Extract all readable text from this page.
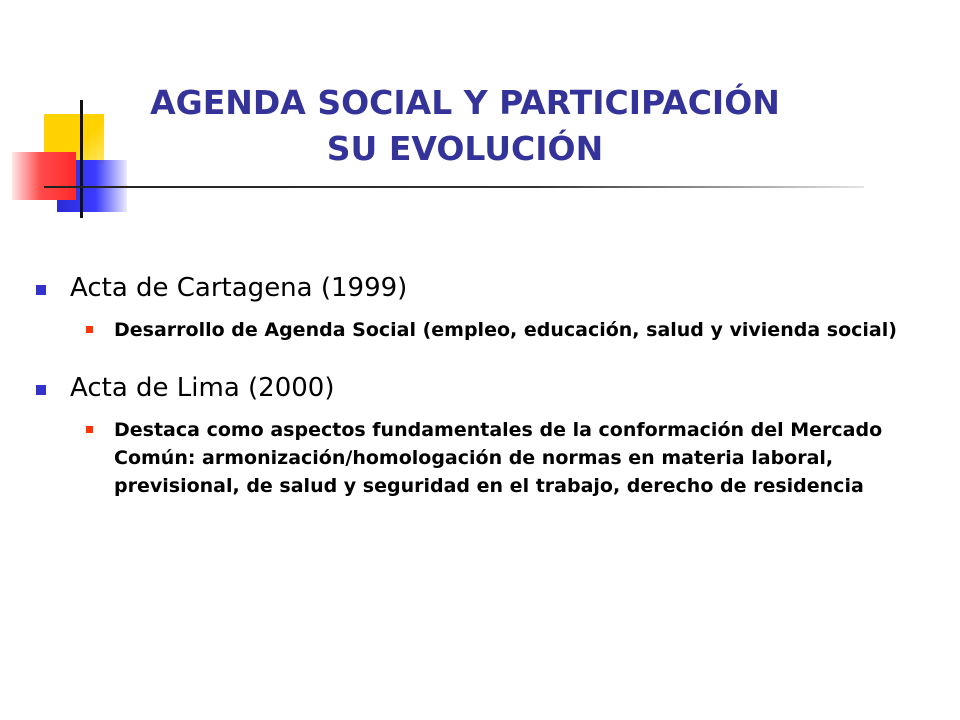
AGENDA SOCIAL Y PARTICIPACIÓN
SU EVOLUCIÓN
Acta de Cartagena (1999)
Desarrollo de Agenda Social (empleo, educación, salud y vivienda social)
Acta de Lima (2000)
Destaca como aspectos fundamentales de la conformación del Mercado Común: armonización/homologación de normas en materia laboral, previsional, de salud y seguridad en el trabajo, derecho de residencia
